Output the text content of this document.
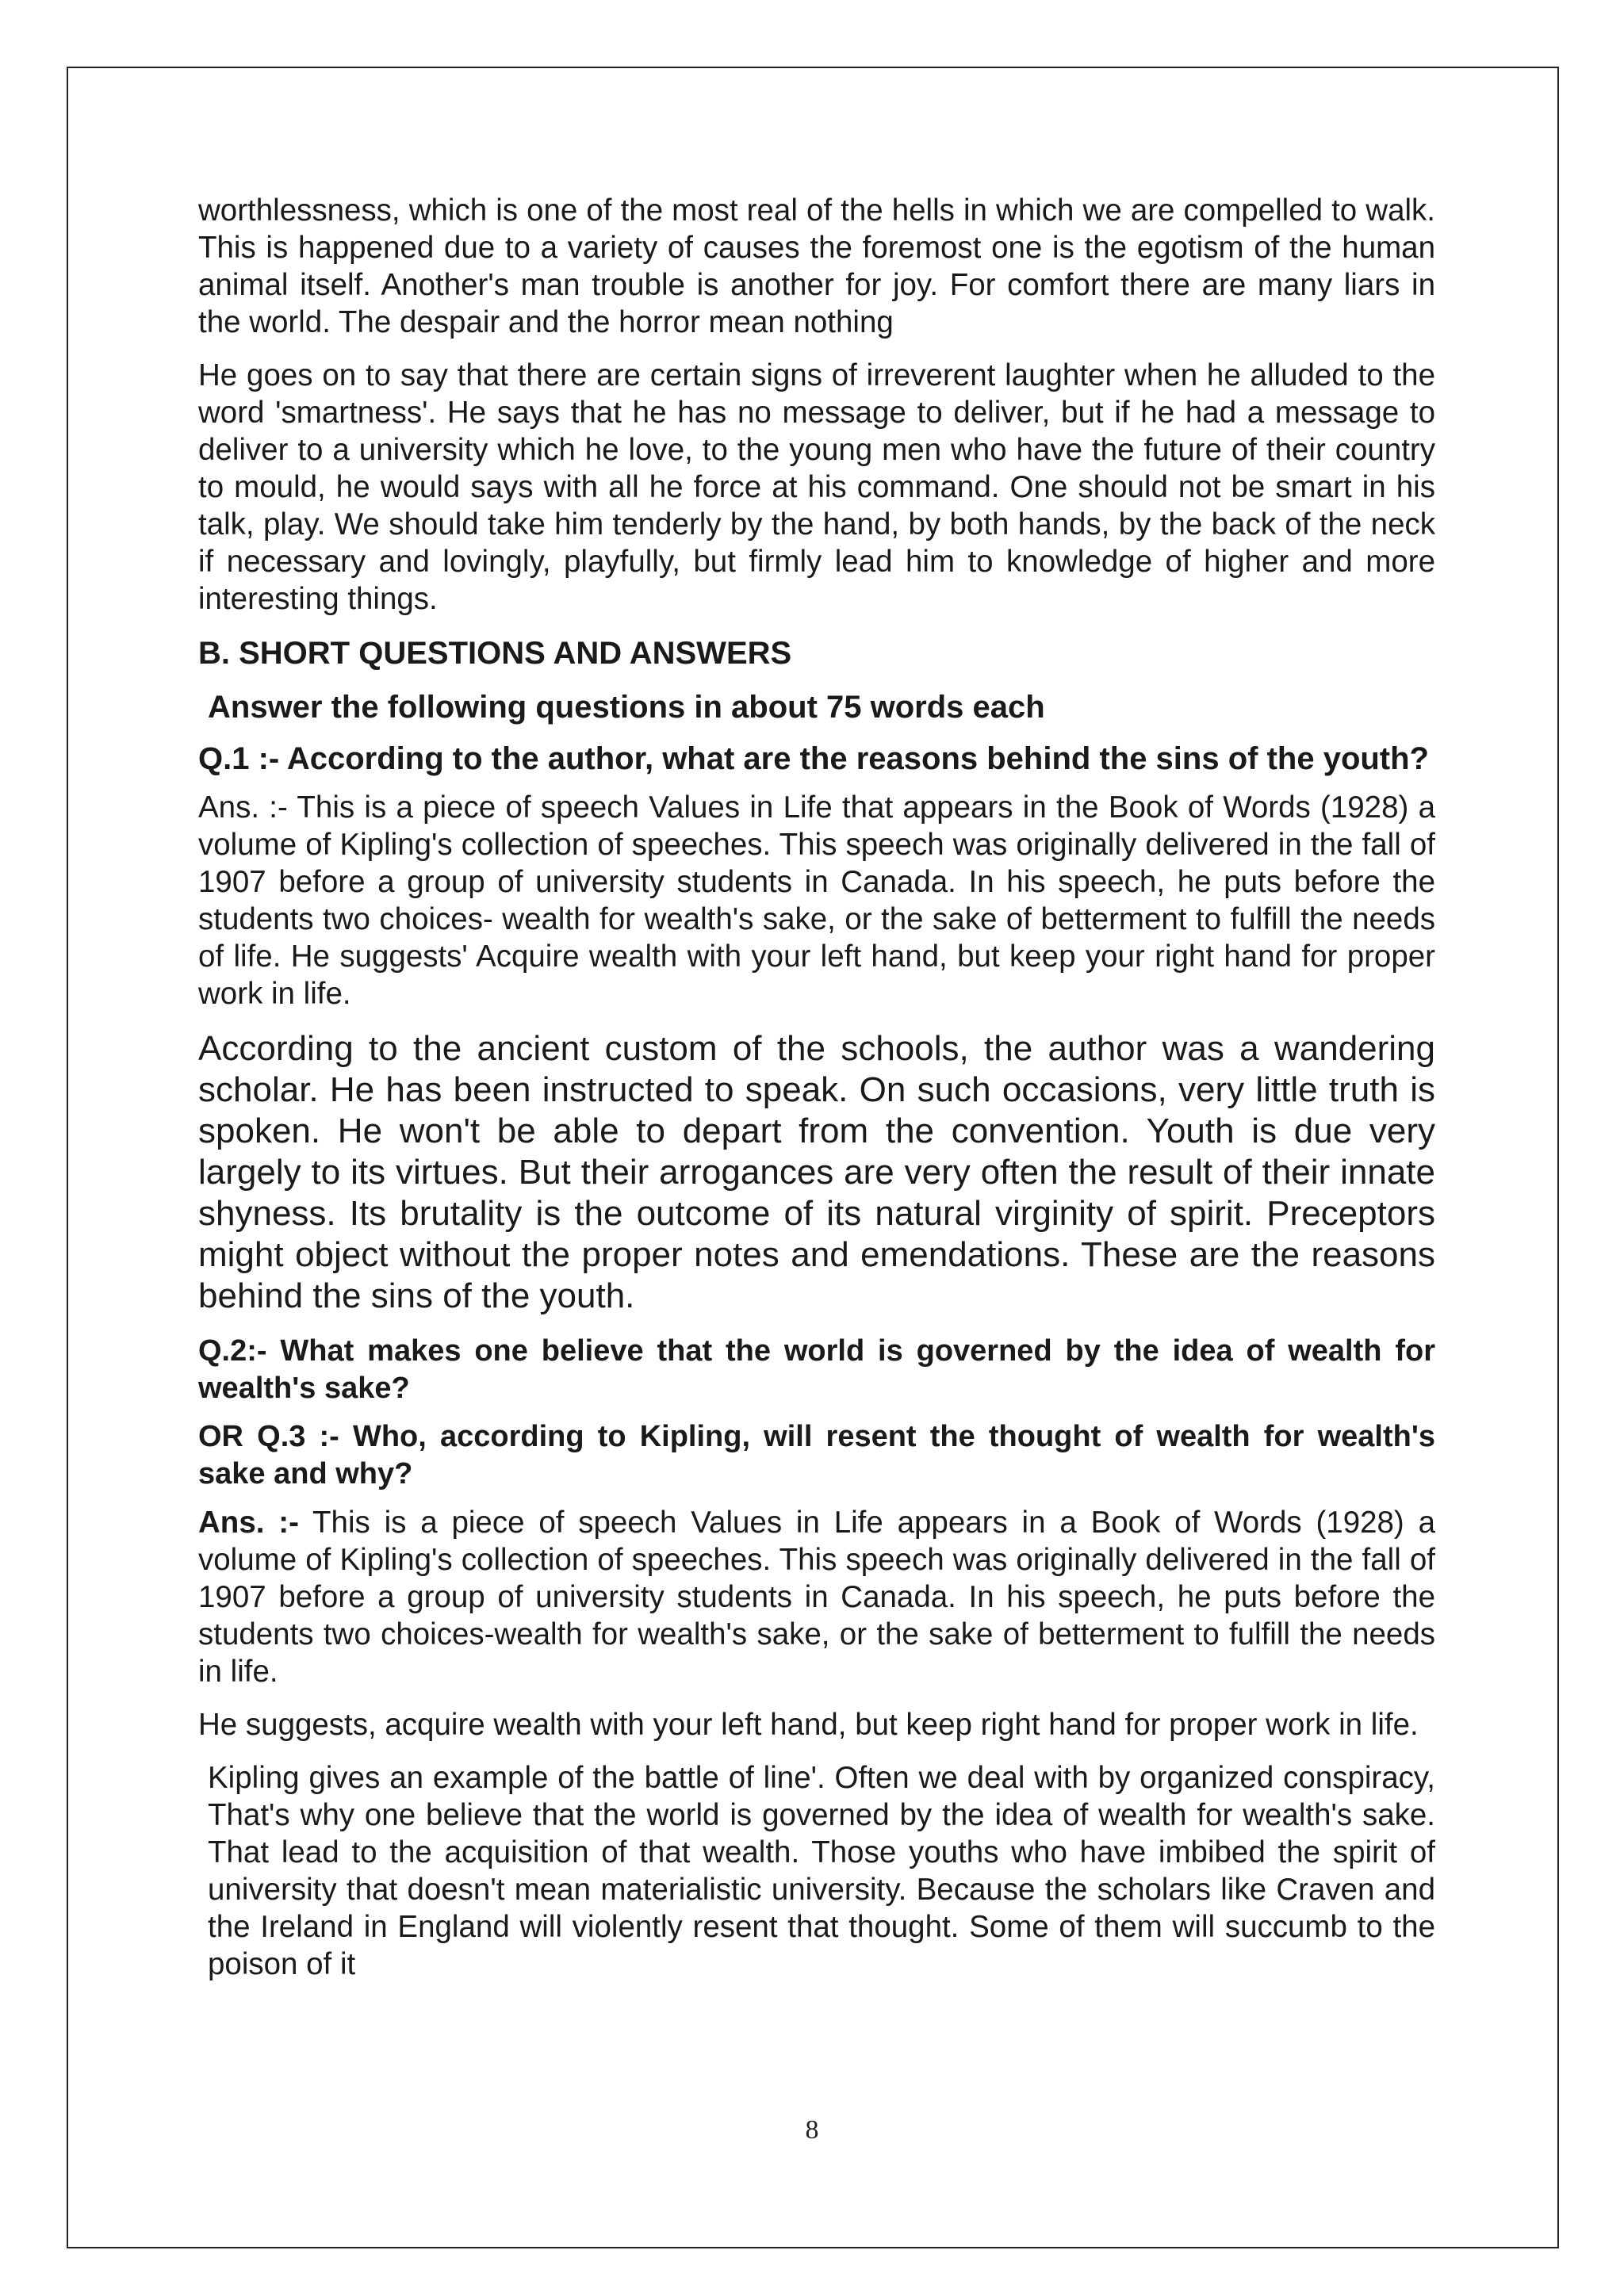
worthlessness, which is one of the most real of the hells in which we are compelled to walk. This is happened due to a variety of causes the foremost one is the egotism of the human animal itself. Another's man trouble is another for joy. For comfort there are many liars in the world. The despair and the horror mean nothing

He goes on to say that there are certain signs of irreverent laughter when he alluded to the word 'smartness'. He says that he has no message to deliver, but if he had a message to deliver to a university which he love, to the young men who have the future of their country to mould, he would says with all he force at his command. One should not be smart in his talk, play. We should take him tenderly by the hand, by both hands, by the back of the neck if necessary and lovingly, playfully, but firmly lead him to knowledge of higher and more interesting things.

B. SHORT QUESTIONS AND ANSWERS
Answer the following questions in about 75 words each
Q.1 :- According to the author, what are the reasons behind the sins of the youth?

Ans. :- This is a piece of speech Values in Life that appears in the Book of Words (1928) a volume of Kipling's collection of speeches. This speech was originally delivered in the fall of 1907 before a group of university students in Canada. In his speech, he puts before the students two choices- wealth for wealth's sake, or the sake of betterment to fulfill the needs of life. He suggests' Acquire wealth with your left hand, but keep your right hand for proper work in life.

According to the ancient custom of the schools, the author was a wandering scholar. He has been instructed to speak. On such occasions, very little truth is spoken. He won't be able to depart from the convention. Youth is due very largely to its virtues. But their arrogances are very often the result of their innate shyness. Its brutality is the outcome of its natural virginity of spirit. Preceptors might object without the proper notes and emendations. These are the reasons behind the sins of the youth.

Q.2:- What makes one believe that the world is governed by the idea of wealth for wealth's sake?
OR Q.3 :- Who, according to Kipling, will resent the thought of wealth for wealth's sake and why?

Ans. :- This is a piece of speech Values in Life appears in a Book of Words (1928) a volume of Kipling's collection of speeches. This speech was originally delivered in the fall of 1907 before a group of university students in Canada. In his speech, he puts before the students two choices-wealth for wealth's sake, or the sake of betterment to fulfill the needs in life.

He suggests, acquire wealth with your left hand, but keep right hand for proper work in life.

Kipling gives an example of the battle of line'. Often we deal with by organized conspiracy, That's why one believe that the world is governed by the idea of wealth for wealth's sake. That lead to the acquisition of that wealth. Those youths who have imbibed the spirit of university that doesn't mean materialistic university. Because the scholars like Craven and the Ireland in England will violently resent that thought. Some of them will succumb to the poison of it

8
